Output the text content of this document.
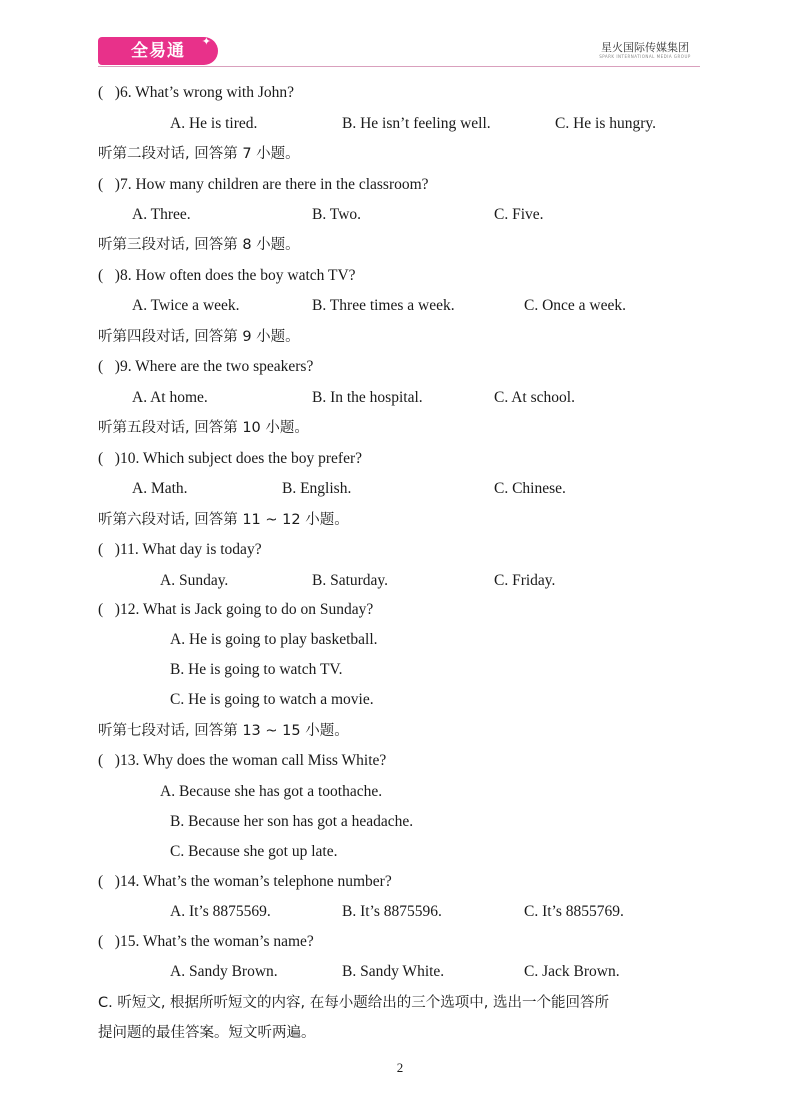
全易通 ✦	星火国际传媒集团
SPARK INTERNATIONAL MEDIA GROUP
(   )6. What’s wrong with John?
A. He is tired.	B. He isn’t feeling well.	C. He is hungry.
听第二段对话, 回答第 7 小题。
(   )7. How many children are there in the classroom?
A. Three.	B. Two.	C. Five.
听第三段对话, 回答第 8 小题。
(   )8. How often does the boy watch TV?
A. Twice a week.	B. Three times a week.	C. Once a week.
听第四段对话, 回答第 9 小题。
(   )9. Where are the two speakers?
A. At home.	B. In the hospital.	C. At school.
听第五段对话, 回答第 10 小题。
(   )10. Which subject does the boy prefer?
A. Math.	B. English.	C. Chinese.
听第六段对话, 回答第 11 ~ 12 小题。
(   )11. What day is today?
A. Sunday.	B. Saturday.	C. Friday.
(   )12. What is Jack going to do on Sunday?
A. He is going to play basketball.
B. He is going to watch TV.
C. He is going to watch a movie.
听第七段对话, 回答第 13 ~ 15 小题。
(   )13. Why does the woman call Miss White?
A. Because she has got a toothache.
B. Because her son has got a headache.
C. Because she got up late.
(   )14. What’s the woman’s telephone number?
A. It’s 8875569.	B. It’s 8875596.	C. It’s 8855769.
(   )15. What’s the woman’s name?
A. Sandy Brown.	B. Sandy White.	C. Jack Brown.
C. 听短文, 根据所听短文的内容, 在每小题给出的三个选项中, 选出一个能回答所
提问题的最佳答案。短文听两遍。
2
